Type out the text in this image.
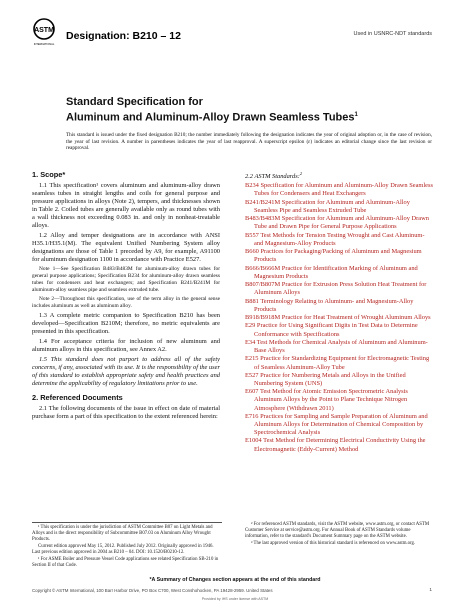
ASTM
INTERNATIONAL
Designation: B210 – 12	Used in USNRC-NDT standards
Standard Specification for
Aluminum and Aluminum-Alloy Drawn Seamless Tubes$^1$

This standard is issued under the fixed designation B210; the number immediately following the designation indicates the year of original adoption or, in the case of revision, the year of last revision. A number in parentheses indicates the year of last reapproval. A superscript epsilon (ε) indicates an editorial change since the last revision or reapproval.

1. Scope*

1.1 This specification¹ covers aluminum and aluminum-alloy drawn seamless tubes in straight lengths and coils for general purpose and pressure applications in alloys (Note 2), tempers, and thicknesses shown in Table 2. Coiled tubes are generally available only as round tubes with a wall thickness not exceeding 0.083 in. and only in nonheat-treatable alloys.

1.2 Alloy and temper designations are in accordance with ANSI H35.1/H35.1(M). The equivalent Unified Numbering System alloy designations are those of Table 1 preceded by A9, for example, A91100 for aluminum designation 1100 in accordance with Practice E527.

Note 1—See Specification B483/B483M for aluminum-alloy drawn tubes for general purpose applications; Specification B234 for aluminum-alloy drawn seamless tubes for condensers and heat exchangers; and Specification B241/B241M for aluminum-alloy seamless pipe and seamless extruded tube.

Note 2—Throughout this specification, use of the term alloy in the general sense includes aluminum as well as aluminum alloy.

1.3 A complete metric companion to Specification B210 has been developed—Specification B210M; therefore, no metric equivalents are presented in this specification.

1.4 For acceptance criteria for inclusion of new aluminum and aluminum alloys in this specification, see Annex A2.

1.5 This standard does not purport to address all of the safety concerns, if any, associated with its use. It is the responsibility of the user of this standard to establish appropriate safety and health practices and determine the applicability of regulatory limitations prior to use.

2. Referenced Documents

2.1 The following documents of the issue in effect on date of material purchase form a part of this specification to the extent referenced herein:

2.2 ASTM Standards:$^2$
B234 Specification for Aluminum and Aluminum-Alloy Drawn Seamless Tubes for Condensers and Heat Exchangers
B241/B241M Specification for Aluminum and Aluminum-Alloy Seamless Pipe and Seamless Extruded Tube
B483/B483M Specification for Aluminum and Aluminum-Alloy Drawn Tube and Drawn Pipe for General Purpose Applications
B557 Test Methods for Tension Testing Wrought and Cast Aluminum- and Magnesium-Alloy Products
B660 Practices for Packaging/Packing of Aluminum and Magnesium Products
B666/B666M Practice for Identification Marking of Aluminum and Magnesium Products
B807/B807M Practice for Extrusion Press Solution Heat Treatment for Aluminum Alloys
B881 Terminology Relating to Aluminum- and Magnesium-Alloy Products
B918/B918M Practice for Heat Treatment of Wrought Aluminum Alloys
E29 Practice for Using Significant Digits in Test Data to Determine Conformance with Specifications
E34 Test Methods for Chemical Analysis of Aluminum and Aluminum-Base Alloys
E215 Practice for Standardizing Equipment for Electromagnetic Testing of Seamless Aluminum-Alloy Tube
E527 Practice for Numbering Metals and Alloys in the Unified Numbering System (UNS)
E607 Test Method for Atomic Emission Spectrometric Analysis Aluminum Alloys by the Point to Plane Technique Nitrogen Atmosphere (Withdrawn 2011)
E716 Practices for Sampling and Sample Preparation of Aluminum and Aluminum Alloys for Determination of Chemical Composition by Spectrochemical Analysis
E1004 Test Method for Determining Electrical Conductivity Using the Electromagnetic (Eddy-Current) Method

¹ This specification is under the jurisdiction of ASTM Committee B07 on Light Metals and Alloys and is the direct responsibility of Subcommittee B07.03 on Aluminum Alloy Wrought Products.

Current edition approved May 15, 2012. Published July 2012. Originally approved in 1946. Last previous edition approved in 2004 as B210 – 04. DOI: 10.1520/B0210-12.

¹ For ASME Boiler and Pressure Vessel Code applications see related Specification SB-210 in Section II of that Code.

² For referenced ASTM standards, visit the ASTM website, www.astm.org, or contact ASTM Customer Service at service@astm.org. For Annual Book of ASTM Standards volume information, refer to the standard's Document Summary page on the ASTM website.

³ The last approved version of this historical standard is referenced on www.astm.org.

*A Summary of Changes section appears at the end of this standard
Copyright © ASTM International, 100 Barr Harbor Drive, PO Box C700, West Conshohocken, PA 19428-2959. United States	1
Provided by IHS under license with ASTM
